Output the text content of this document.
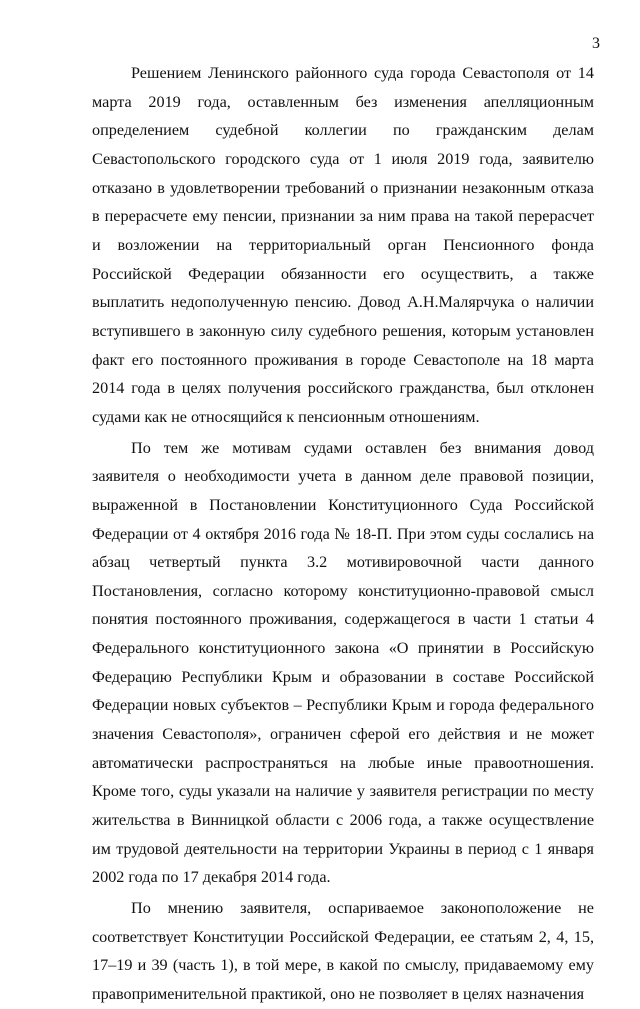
3

Решением Ленинского районного суда города Севастополя от 14 марта 2019 года, оставленным без изменения апелляционным определением судебной коллегии по гражданским делам Севастопольского городского суда от 1 июля 2019 года, заявителю отказано в удовлетворении требований о признании незаконным отказа в перерасчете ему пенсии, признании за ним права на такой перерасчет и возложении на территориальный орган Пенсионного фонда Российской Федерации обязанности его осуществить, а также выплатить недополученную пенсию. Довод А.Н.Малярчука о наличии вступившего в законную силу судебного решения, которым установлен факт его постоянного проживания в городе Севастополе на 18 марта 2014 года в целях получения российского гражданства, был отклонен судами как не относящийся к пенсионным отношениям.

По тем же мотивам судами оставлен без внимания довод заявителя о необходимости учета в данном деле правовой позиции, выраженной в Постановлении Конституционного Суда Российской Федерации от 4 октября 2016 года № 18-П. При этом суды сослались на абзац четвертый пункта 3.2 мотивировочной части данного Постановления, согласно которому конституционно-правовой смысл понятия постоянного проживания, содержащегося в части 1 статьи 4 Федерального конституционного закона «О принятии в Российскую Федерацию Республики Крым и образовании в составе Российской Федерации новых субъектов – Республики Крым и города федерального значения Севастополя», ограничен сферой его действия и не может автоматически распространяться на любые иные правоотношения. Кроме того, суды указали на наличие у заявителя регистрации по месту жительства в Винницкой области с 2006 года, а также осуществление им трудовой деятельности на территории Украины в период с 1 января 2002 года по 17 декабря 2014 года.

По мнению заявителя, оспариваемое законоположение не соответствует Конституции Российской Федерации, ее статьям 2, 4, 15, 17–19 и 39 (часть 1), в той мере, в какой по смыслу, придаваемому ему правоприменительной практикой, оно не позволяет в целях назначения
